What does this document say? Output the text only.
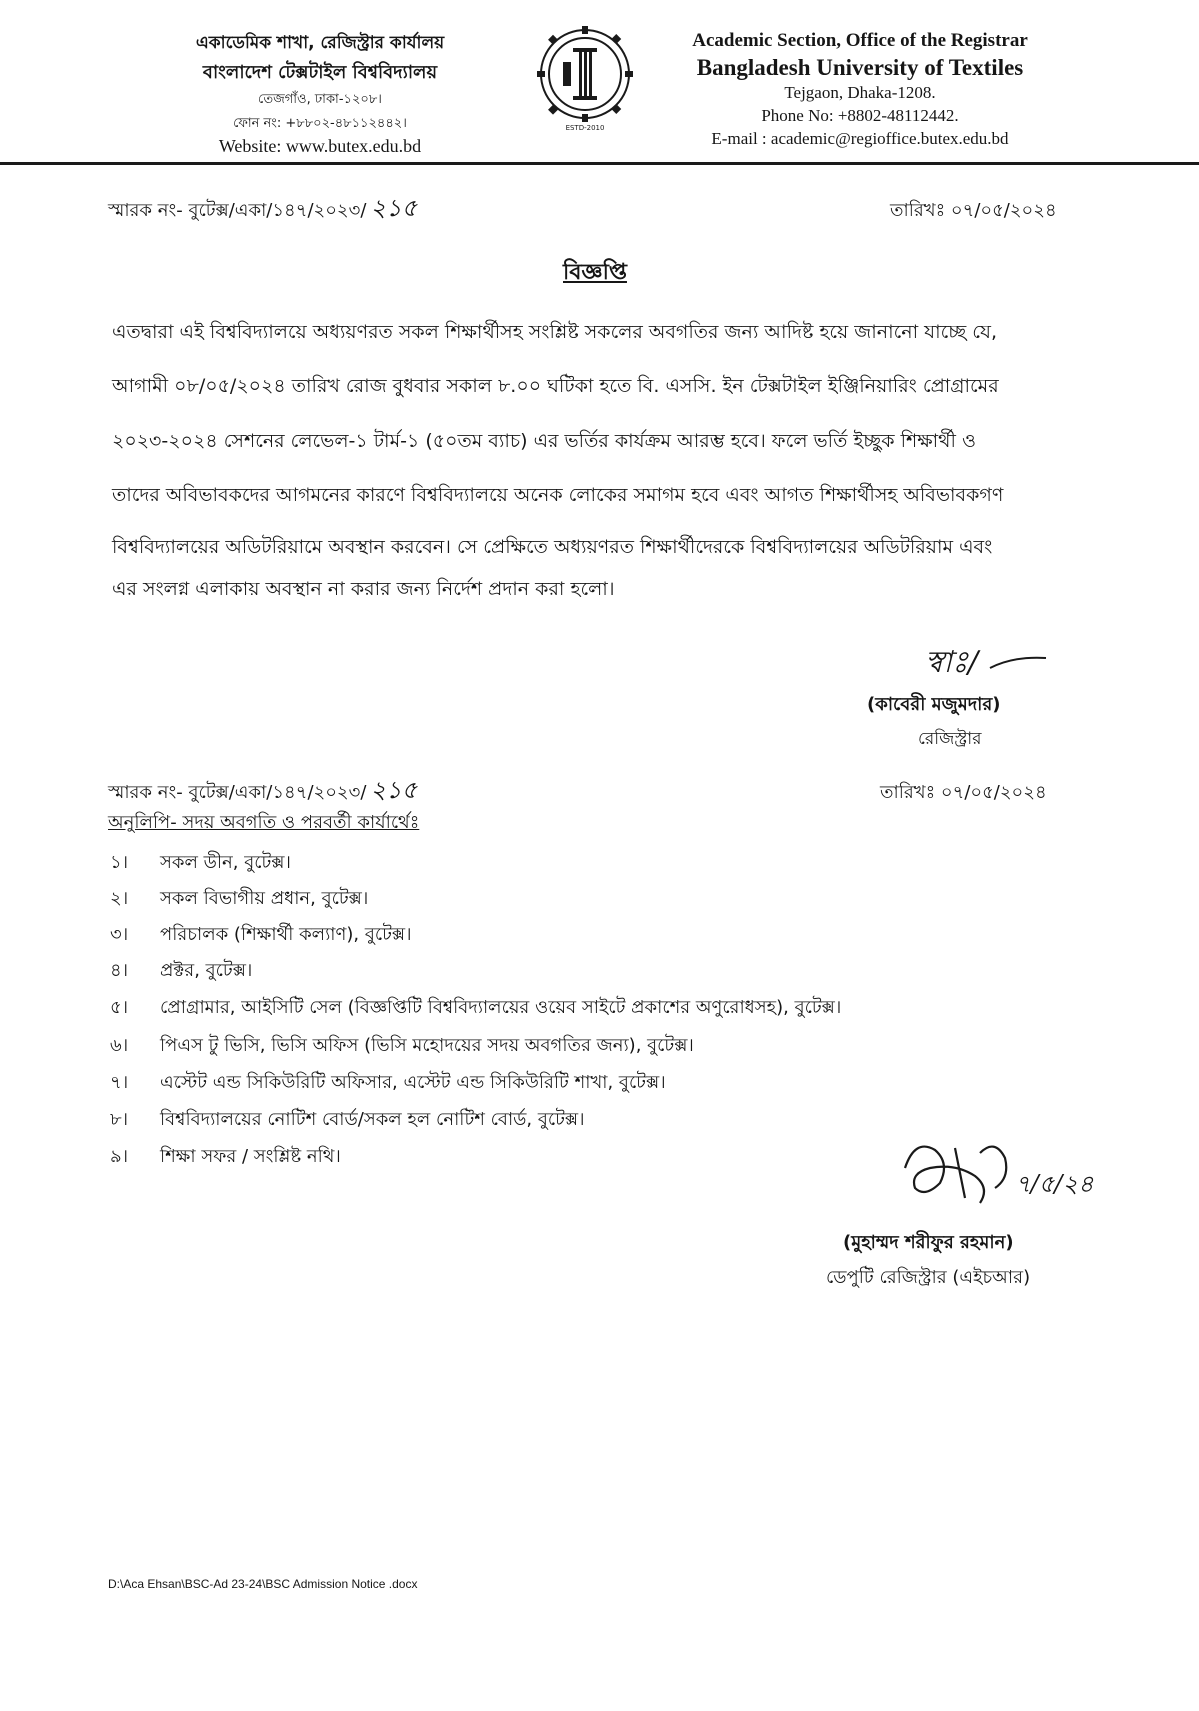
একাডেমিক শাখা, রেজিস্ট্রার কার্যালয়
বাংলাদেশ টেক্সটাইল বিশ্ববিদ্যালয়
তেজগাঁও, ঢাকা-১২০৮।
ফোন নং: +৮৮০২-৪৮১১২৪৪২।
Website: www.butex.edu.bd
ESTD-2010
Academic Section, Office of the Registrar
Bangladesh University of Textiles
Tejgaon, Dhaka-1208.
Phone No: +8802-48112442.
E-mail : academic@regioffice.butex.edu.bd
স্মারক নং- বুটেক্স/একা/১৪৭/২০২৩/ ২১৫	তারিখঃ ০৭/০৫/২০২৪
বিজ্ঞপ্তি
এতদ্বারা এই বিশ্ববিদ্যালয়ে অধ্যয়ণরত সকল শিক্ষার্থীসহ সংশ্লিষ্ট সকলের অবগতির জন্য আদিষ্ট হয়ে জানানো যাচ্ছে যে,
আগামী ০৮/০৫/২০২৪ তারিখ রোজ বুধবার সকাল ৮.০০ ঘটিকা হতে বি. এসসি. ইন টেক্সটাইল ইঞ্জিনিয়ারিং প্রোগ্রামের
২০২৩-২০২৪ সেশনের লেভেল-১ টার্ম-১ (৫০তম ব্যাচ) এর ভর্তির কার্যক্রম আরম্ভ হবে। ফলে ভর্তি ইচ্ছুক শিক্ষার্থী ও
তাদের অবিভাবকদের আগমনের কারণে বিশ্ববিদ্যালয়ে অনেক লোকের সমাগম হবে এবং আগত শিক্ষার্থীসহ অবিভাবকগণ
বিশ্ববিদ্যালয়ের অডিটরিয়ামে অবস্থান করবেন। সে প্রেক্ষিতে অধ্যয়ণরত শিক্ষার্থীদেরকে বিশ্ববিদ্যালয়ের অডিটরিয়াম এবং
এর সংলগ্ন এলাকায় অবস্থান না করার জন্য নির্দেশ প্রদান করা হলো।
স্বাঃ/
(কাবেরী মজুমদার)
রেজিস্ট্রার
স্মারক নং- বুটেক্স/একা/১৪৭/২০২৩/ ২১৫	তারিখঃ ০৭/০৫/২০২৪
অনুলিপি- সদয় অবগতি ও পরবর্তী কার্যার্থেঃ
১। সকল ডীন, বুটেক্স।
২। সকল বিভাগীয় প্রধান, বুটেক্স।
৩। পরিচালক (শিক্ষার্থী কল্যাণ), বুটেক্স।
৪। প্রক্টর, বুটেক্স।
৫। প্রোগ্রামার, আইসিটি সেল (বিজ্ঞপ্তিটি বিশ্ববিদ্যালয়ের ওয়েব সাইটে প্রকাশের অণুরোধসহ), বুটেক্স।
৬। পিএস টু ভিসি, ভিসি অফিস (ভিসি মহোদয়ের সদয় অবগতির জন্য), বুটেক্স।
৭। এস্টেট এন্ড সিকিউরিটি অফিসার, এস্টেট এন্ড সিকিউরিটি শাখা, বুটেক্স।
৮। বিশ্ববিদ্যালয়ের নোটিশ বোর্ড/সকল হল নোটিশ বোর্ড, বুটেক্স।
৯। শিক্ষা সফর / সংশ্লিষ্ট নথি।
৭/৫/২৪
(মুহাম্মদ শরীফুর রহমান)
ডেপুটি রেজিস্ট্রার (এইচআর)
D:\Aca Ehsan\BSC-Ad 23-24\BSC Admission Notice .docx
